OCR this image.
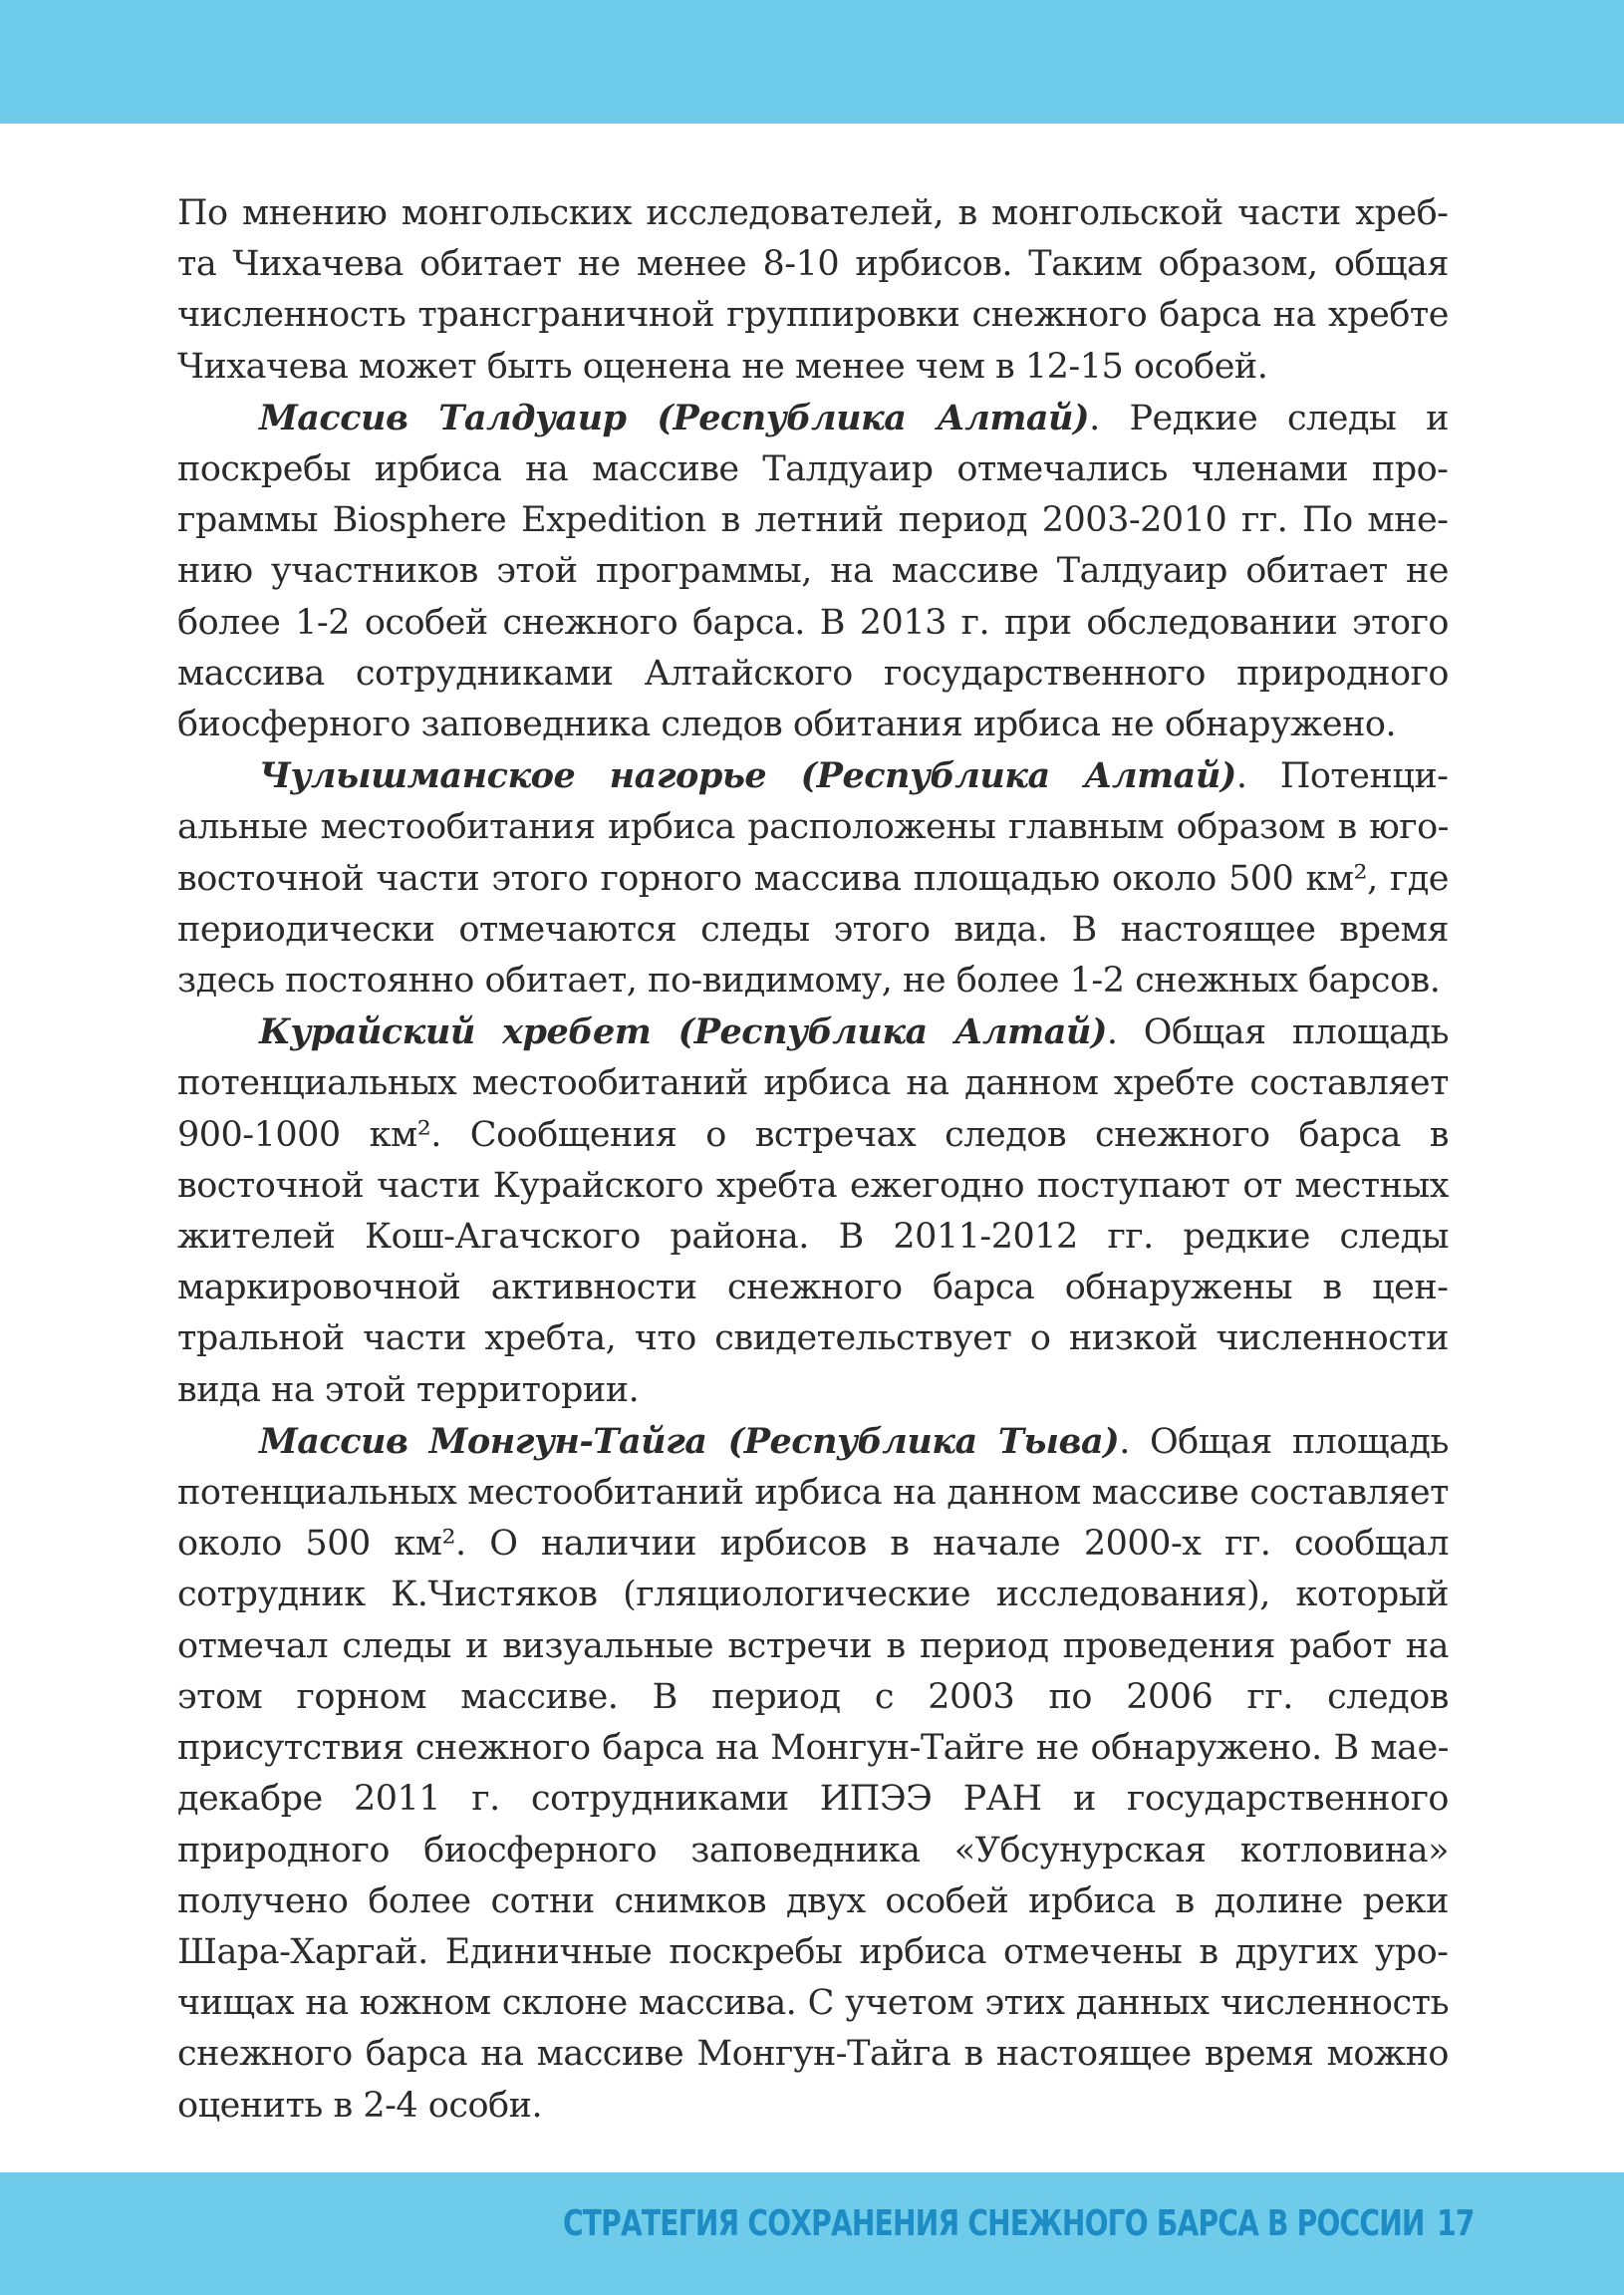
По мнению монгольских исследователей, в монгольской части хребта Чихачева обитает не менее 8-10 ирбисов. Таким образом, общая численность трансграничной группировки снежного барса на хребте Чихачева может быть оценена не менее чем в 12-15 особей.

Массив Талдуаир (Республика Алтай). Редкие следы и поскребы ирбиса на массиве Талдуаир отмечались членами программы Biosphere Expedition в летний период 2003-2010 гг. По мнению участников этой программы, на массиве Талдуаир обитает не более 1-2 особей снежного барса. В 2013 г. при обследовании этого массива сотрудниками Алтайского государственного природного биосферного заповедника следов обитания ирбиса не обнаружено.

Чулышманское нагорье (Республика Алтай). Потенциальные местообитания ирбиса расположены главным образом в юго-восточной части этого горного массива площадью около 500 км², где периодически отмечаются следы этого вида. В настоящее время здесь постоянно обитает, по-видимому, не более 1-2 снежных барсов.

Курайский хребет (Республика Алтай). Общая площадь потенциальных местообитаний ирбиса на данном хребте составляет 900-1000 км². Сообщения о встречах следов снежного барса в восточной части Курайского хребта ежегодно поступают от местных жителей Кош-Агачского района. В 2011-2012 гг. редкие следы маркировочной активности снежного барса обнаружены в центральной части хребта, что свидетельствует о низкой численности вида на этой территории.

Массив Монгун-Тайга (Республика Тыва). Общая площадь потенциальных местообитаний ирбиса на данном массиве составляет около 500 км². О наличии ирбисов в начале 2000-х гг. сообщал сотрудник К.Чистяков (гляциологические исследования), который отмечал следы и визуальные встречи в период проведения работ на этом горном массиве. В период с 2003 по 2006 гг. следов присутствия снежного барса на Монгун-Тайге не обнаружено. В мае-декабре 2011 г. сотрудниками ИПЭЭ РАН и государственного природного биосферного заповедника «Убсунурская котловина» получено более сотни снимков двух особей ирбиса в долине реки Шара-Харгай. Единичные поскребы ирбиса отмечены в других урочищах на южном склоне массива. С учетом этих данных численность снежного барса на массиве Монгун-Тайга в настоящее время можно оценить в 2-4 особи.

СТРАТЕГИЯ СОХРАНЕНИЯ СНЕЖНОГО БАРСА В РОССИИ 17
